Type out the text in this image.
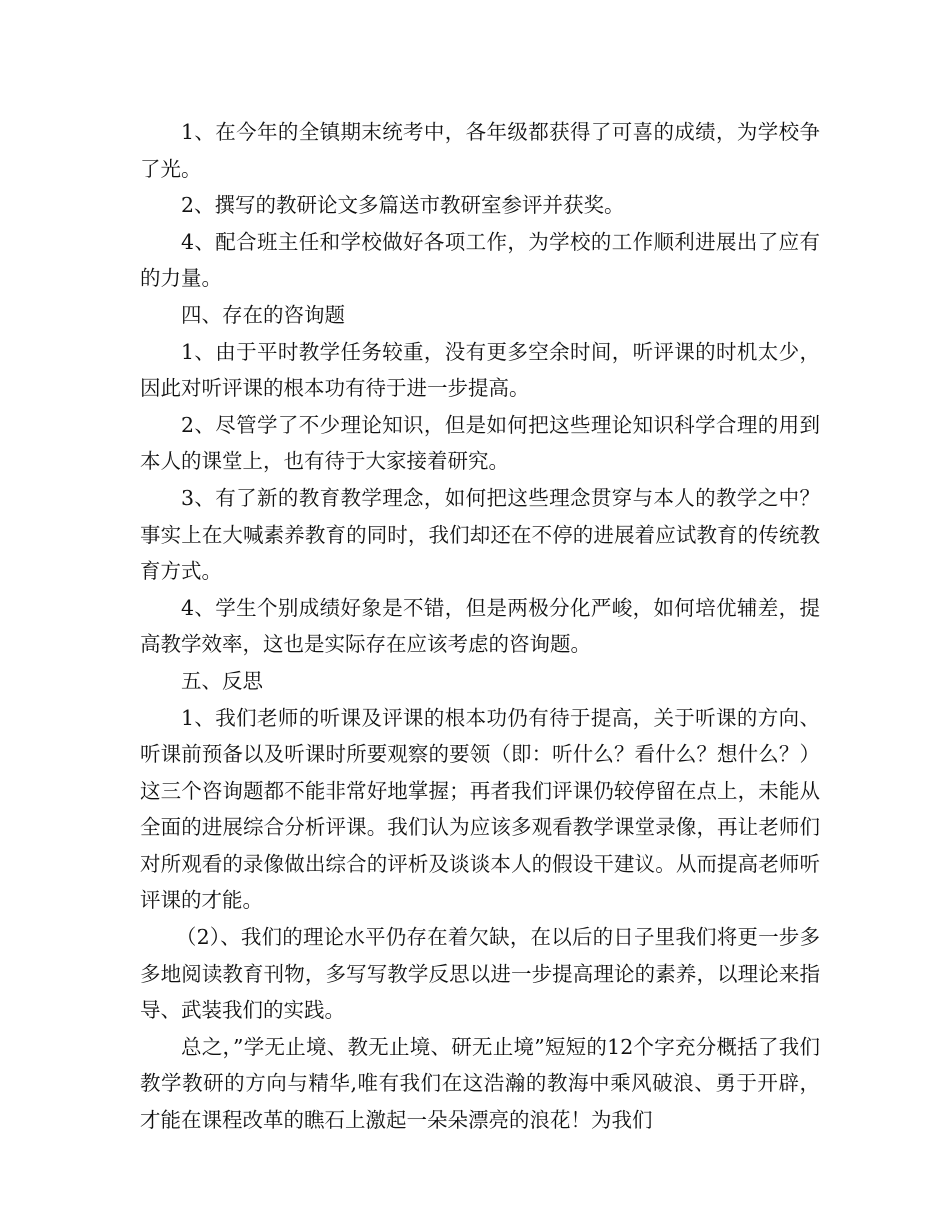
1、在今年的全镇期末统考中，各年级都获得了可喜的成绩，为学校争了光。

2、撰写的教研论文多篇送市教研室参评并获奖。

4、配合班主任和学校做好各项工作，为学校的工作顺利进展出了应有的力量。

四、存在的咨询题

1、由于平时教学任务较重，没有更多空余时间，听评课的时机太少，因此对听评课的根本功有待于进一步提高。

2、尽管学了不少理论知识，但是如何把这些理论知识科学合理的用到本人的课堂上，也有待于大家接着研究。

3、有了新的教育教学理念，如何把这些理念贯穿与本人的教学之中？事实上在大喊素养教育的同时，我们却还在不停的进展着应试教育的传统教育方式。

4、学生个别成绩好象是不错，但是两极分化严峻，如何培优辅差，提高教学效率，这也是实际存在应该考虑的咨询题。

五、反思

1、我们老师的听课及评课的根本功仍有待于提高，关于听课的方向、听课前预备以及听课时所要观察的要领（即：听什么？看什么？想什么？）这三个咨询题都不能非常好地掌握；再者我们评课仍较停留在点上，未能从全面的进展综合分析评课。我们认为应该多观看教学课堂录像，再让老师们对所观看的录像做出综合的评析及谈谈本人的假设干建议。从而提高老师听评课的才能。

（2）、我们的理论水平仍存在着欠缺，在以后的日子里我们将更一步多多地阅读教育刊物，多写写教学反思以进一步提高理论的素养，以理论来指导、武装我们的实践。

总之，”学无止境、教无止境、研无止境”短短的12个字充分概括了我们教学教研的方向与精华,唯有我们在这浩瀚的教海中乘风破浪、勇于开辟，才能在课程改革的瞧石上激起一朵朵漂亮的浪花！为我们
